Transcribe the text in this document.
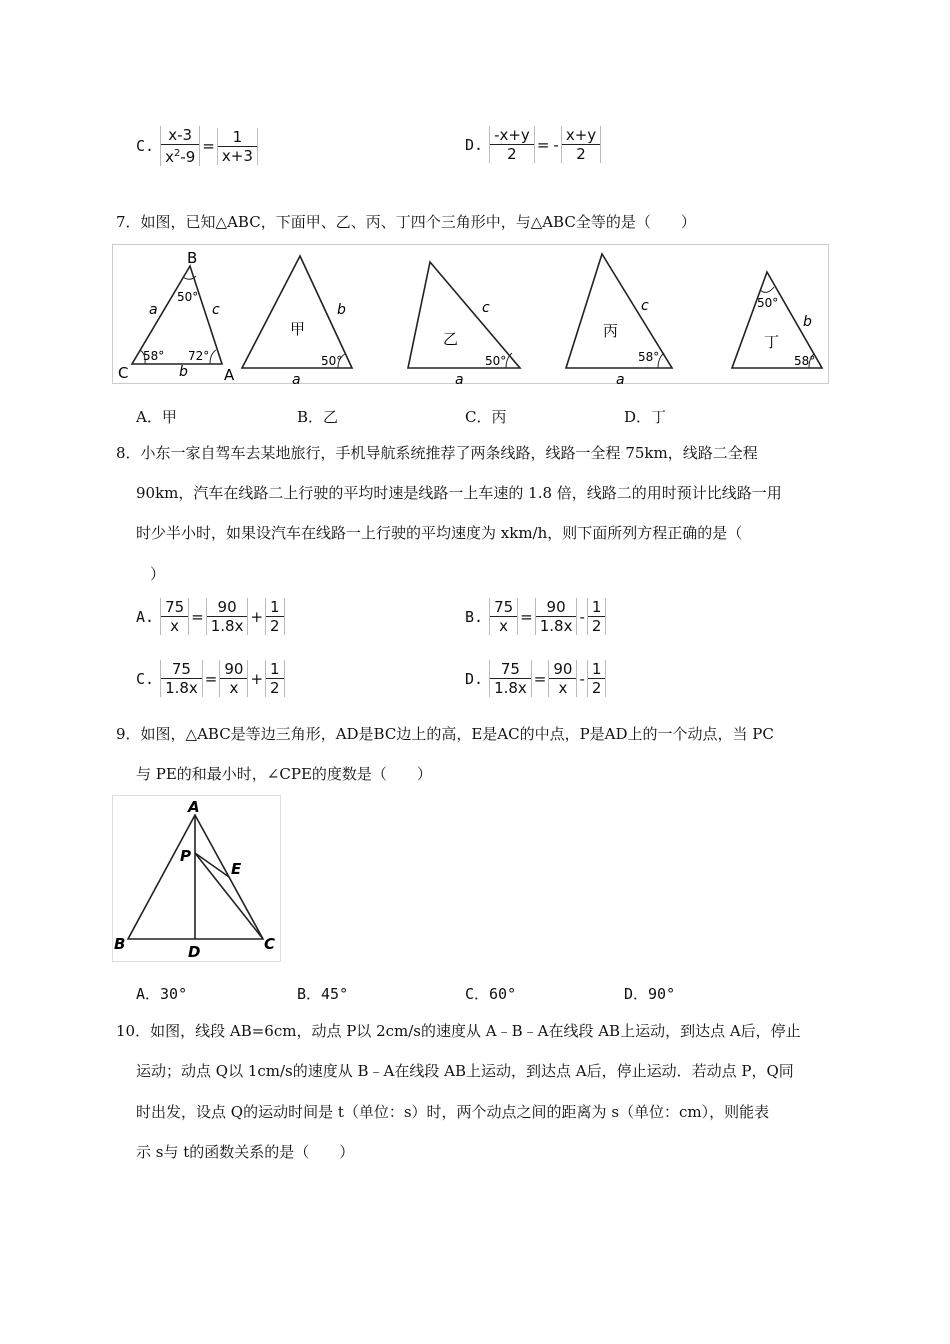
C. $\frac{x-3}{x^2-9} = \frac{1}{x+3}$	D. $\frac{-x+y}{2}$ = - $\frac{x+y}{2}$
7．如图，已知△ABC，下面甲、乙、丙、丁四个三角形中，与△ABC全等的是（　　）
B
C	A
a	c
b
50°
58° 72°
甲
b
a
50°
乙
c
a
50°
丙
c
a
58°
丁
b
50°
58°
A．甲	B．乙	C．丙	D．丁
8．小东一家自驾车去某地旅行，手机导航系统推荐了两条线路，线路一全程 75km，线路二全程
90km，汽车在线路二上行驶的平均时速是线路一上车速的 1.8 倍，线路二的用时预计比线路一用
时少半小时，如果设汽车在线路一上行驶的平均速度为 xkm/h，则下面所列方程正确的是（
）
A. $\frac{75}{x} = \frac{90}{1.8x} + \frac{1}{2}$	B. $\frac{75}{x} = \frac{90}{1.8x} - \frac{1}{2}$
C. $\frac{75}{1.8x} = \frac{90}{x} + \frac{1}{2}$	D. $\frac{75}{1.8x} = \frac{90}{x} - \frac{1}{2}$
9．如图，△ABC是等边三角形，AD是BC边上的高，E是AC的中点，P是AD上的一个动点，当 PC
与 PE的和最小时，∠CPE的度数是（　　）
A
B	C
D
P
E
A．30°	B．45°	C．60°	D．90°
10．如图，线段 AB=6cm，动点 P以 2cm/s的速度从 A﹣B﹣A在线段 AB上运动，到达点 A后，停止
运动；动点 Q以 1cm/s的速度从 B﹣A在线段 AB上运动，到达点 A后，停止运动．若动点 P，Q同
时出发，设点 Q的运动时间是 t（单位：s）时，两个动点之间的距离为 s（单位：cm），则能表
示 s与 t的函数关系的是（　　）
